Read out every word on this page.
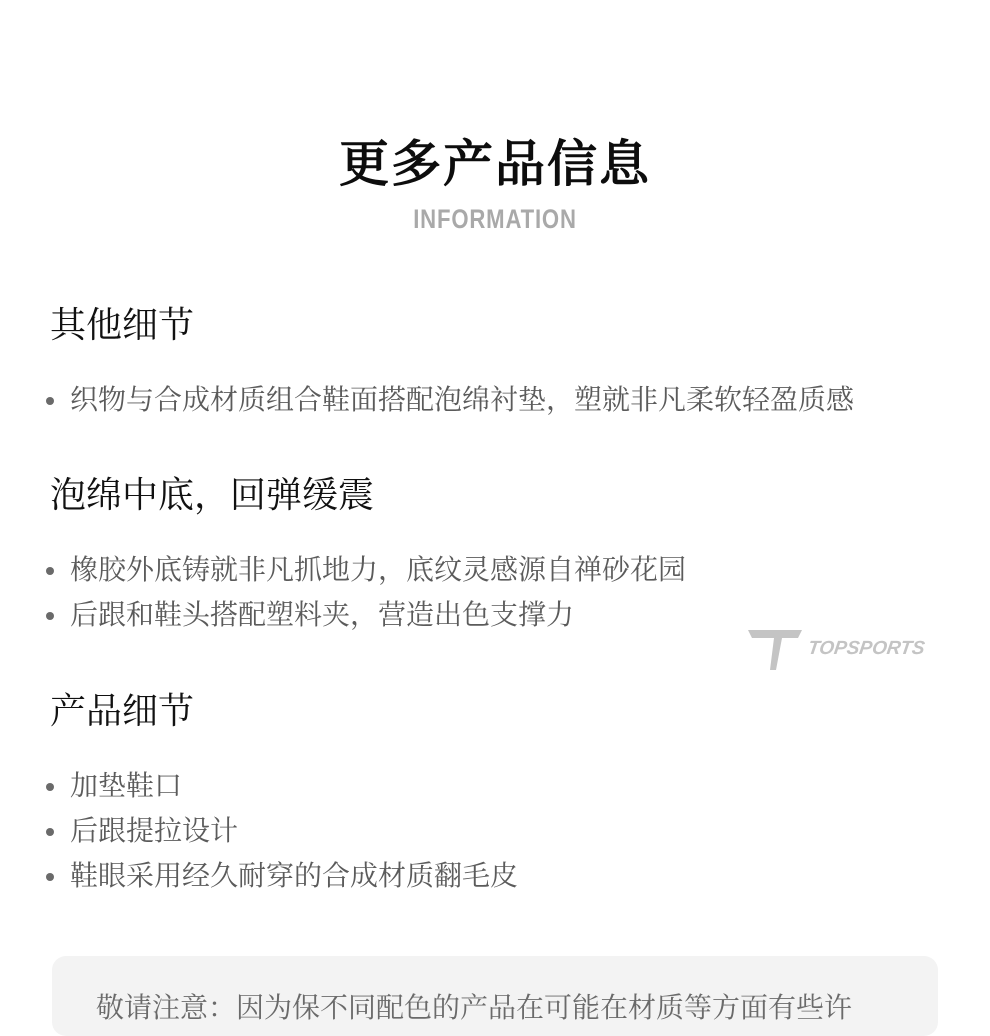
更多产品信息
INFORMATION
其他细节
织物与合成材质组合鞋面搭配泡绵衬垫，塑就非凡柔软轻盈质感
泡绵中底，回弹缓震
橡胶外底铸就非凡抓地力，底纹灵感源自禅砂花园
后跟和鞋头搭配塑料夹，营造出色支撑力
TOPSPORTS
产品细节
加垫鞋口
后跟提拉设计
鞋眼采用经久耐穿的合成材质翻毛皮
敬请注意：因为保不同配色的产品在可能在材质等方面有些许
